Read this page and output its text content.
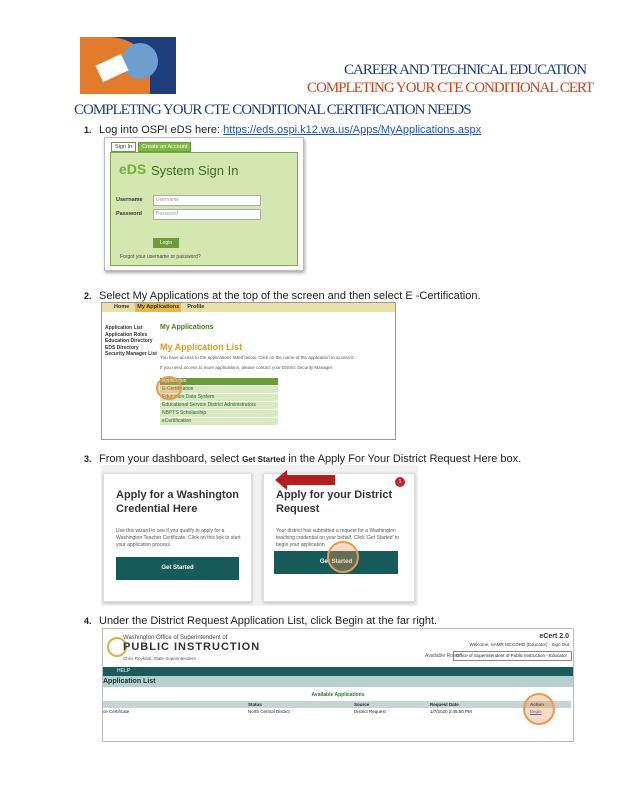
CAREER AND TECHNICAL EDUCATION
COMPLETING YOUR CTE CONDITIONAL CERT
COMPLETING YOUR CTE CONDITIONAL CERTIFICATION NEEDS
1. Log into OSPI eDS here: https://eds.ospi.k12.wa.us/Apps/MyApplications.aspx
Sign In	Create an Account
eDS System Sign In
Username	Username
Password	Password
Login
Forgot your username or password?
2. Select My Applications at the top of the screen and then select E -Certification.
Home	My Applications	Profile
Application List
Application Roles
Education Directory
EDS Directory
Security Manager List
My Applications
My Application List
You have access to the applications listed below. Click on the name of the application to access it.
If you need access to more applications, please contact your District Security Manager.
Application
E-Certification
Education Data System
Educational Service District Administrators
NBPTS Scholarship
eCertification
3. From your dashboard, select Get Started in the Apply For Your District Request Here box.
Apply for a Washington Credential Here
Use this wizard to see if you qualify to apply for a Washington Teacher Certificate. Click on this link to start your application process.
Get Started
Apply for your District Request
Your district has submitted a request for a Washington teaching credential on your behalf. Click 'Get Started' to begin your application.
Get Started
1
4. Under the District Request Application List, click Begin at the far right.
Washington Office of Superintendent of
PUBLIC INSTRUCTION
Chris Reykdal, State Superintendent
eCert 2.0
Welcome, SAMR MCCORD (Educator) · Sign Out
Available Roles:
Office of Superintendent of Public Instruction - Educator
HELP
Application List
Available Applications
Status	Source	Request Date	Action
ce Certificate	North Central District	District Request	1/7/2020 2:45:50 PM	Begin
